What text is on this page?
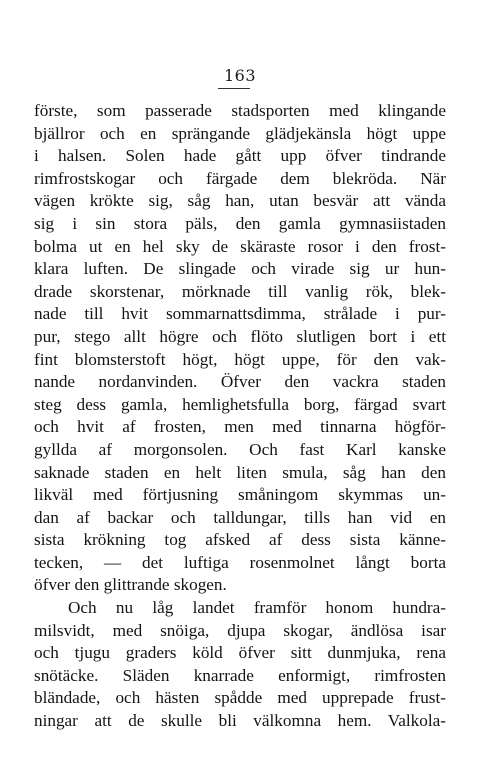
163
förste, som passerade stadsporten med klingande
bjällror och en sprängande glädjekänsla högt uppe
i halsen. Solen hade gått upp öfver tindrande
rimfrostskogar och färgade dem blekröda. När
vägen krökte sig, såg han, utan besvär att vända
sig i sin stora päls, den gamla gymnasiistaden
bolma ut en hel sky de skäraste rosor i den frost-
klara luften. De slingade och virade sig ur hun-
drade skorstenar, mörknade till vanlig rök, blek-
nade till hvit sommarnattsdimma, strålade i pur-
pur, stego allt högre och flöto slutligen bort i ett
fint blomsterstoft högt, högt uppe, för den vak-
nande nordanvinden. Öfver den vackra staden
steg dess gamla, hemlighetsfulla borg, färgad svart
och hvit af frosten, men med tinnarna högför-
gyllda af morgonsolen. Och fast Karl kanske
saknade staden en helt liten smula, såg han den
likväl med förtjusning småningom skymmas un-
dan af backar och talldungar, tills han vid en
sista krökning tog afsked af dess sista känne-
tecken, — det luftiga rosenmolnet långt borta
öfver den glittrande skogen.
Och nu låg landet framför honom hundra-
milsvidt, med snöiga, djupa skogar, ändlösa isar
och tjugu graders köld öfver sitt dunmjuka, rena
snötäcke. Släden knarrade enformigt, rimfrosten
bländade, och hästen spådde med upprepade frust-
ningar att de skulle bli välkomna hem. Valkola-
